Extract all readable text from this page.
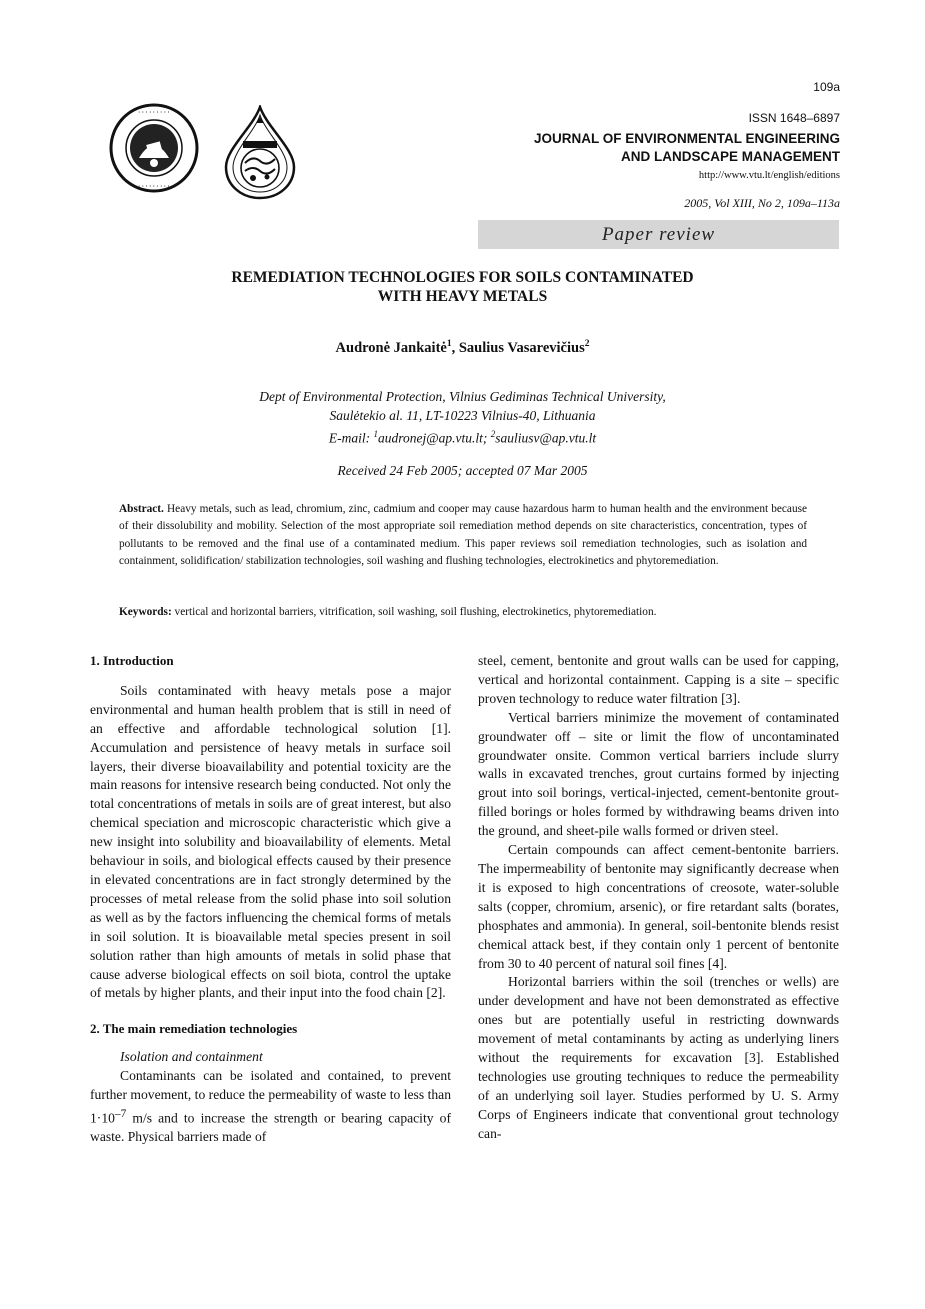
109a
ISSN 1648–6897
JOURNAL OF ENVIRONMENTAL ENGINEERING
AND LANDSCAPE MANAGEMENT
http://www.vtu.lt/english/editions
2005, Vol XIII, No 2, 109a–113a
Paper review
· · · · · · · · ·
· · · · · · · · ·
REMEDIATION TECHNOLOGIES FOR SOILS CONTAMINATED
WITH HEAVY METALS
Audronė Jankaitė$^1$, Saulius Vasarevičius$^2$
Dept of Environmental Protection, Vilnius Gediminas Technical University,
Saulėtekio al. 11, LT-10223 Vilnius-40, Lithuania
E-mail: $^1$audronej@ap.vtu.lt; $^2$sauliusv@ap.vtu.lt
Received 24 Feb 2005; accepted 07 Mar 2005
Abstract. Heavy metals, such as lead, chromium, zinc, cadmium and cooper may cause hazardous harm to human health and the environment because of their dissolubility and mobility. Selection of the most appropriate soil remediation method depends on site characteristics, concentration, types of pollutants to be removed and the final use of a contaminated medium. This paper reviews soil remediation technologies, such as isolation and containment, solidification/ stabilization technologies, soil washing and flushing technologies, electrokinetics and phytoremediation.
Keywords: vertical and horizontal barriers, vitrification, soil washing, soil flushing, electrokinetics, phytoremediation.
1. Introduction

Soils contaminated with heavy metals pose a major environmental and human health problem that is still in need of an effective and affordable technological solution [1]. Accumulation and persistence of heavy metals in surface soil layers, their diverse bioavailability and potential toxicity are the main reasons for intensive research being conducted. Not only the total concentrations of metals in soils are of great interest, but also chemical speciation and microscopic characteristic which give a new insight into solubility and bioavailability of elements. Metal behaviour in soils, and biological effects caused by their presence in elevated concentrations are in fact strongly determined by the processes of metal release from the solid phase into soil solution as well as by the factors influencing the chemical forms of metals in soil solution. It is bioavailable metal species present in soil solution rather than high amounts of metals in solid phase that cause adverse biological effects on soil biota, control the uptake of metals by higher plants, and their input into the food chain [2].

2. The main remediation technologies

Isolation and containment

Contaminants can be isolated and contained, to prevent further movement, to reduce the permeability of waste to less than $1\cdot 10^{-7}$ m/s and to increase the strength or bearing capacity of waste. Physical barriers made of

steel, cement, bentonite and grout walls can be used for capping, vertical and horizontal containment. Capping is a site – specific proven technology to reduce water filtration [3].

Vertical barriers minimize the movement of contaminated groundwater off – site or limit the flow of uncontaminated groundwater onsite. Common vertical barriers include slurry walls in excavated trenches, grout curtains formed by injecting grout into soil borings, vertical-injected, cement-bentonite grout-filled borings or holes formed by withdrawing beams driven into the ground, and sheet-pile walls formed or driven steel.

Certain compounds can affect cement-bentonite barriers. The impermeability of bentonite may significantly decrease when it is exposed to high concentrations of creosote, water-soluble salts (copper, chromium, arsenic), or fire retardant salts (borates, phosphates and ammonia). In general, soil-bentonite blends resist chemical attack best, if they contain only 1 percent of bentonite from 30 to 40 percent of natural soil fines [4].

Horizontal barriers within the soil (trenches or wells) are under development and have not been demonstrated as effective ones but are potentially useful in restricting downwards movement of metal contaminants by acting as underlying liners without the requirements for excavation [3]. Established technologies use grouting techniques to reduce the permeability of an underlying soil layer. Studies performed by U. S. Army Corps of Engineers indicate that conventional grout technology can-
